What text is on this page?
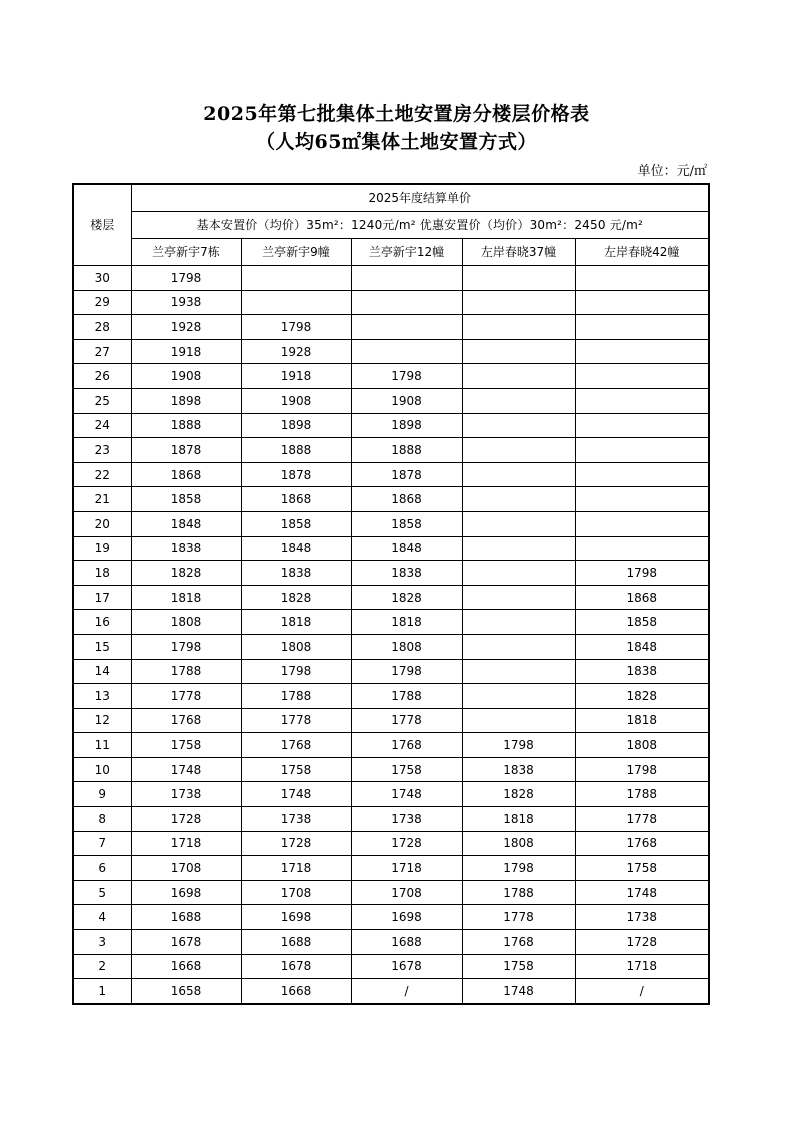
2025年第七批集体土地安置房分楼层价格表
（人均65㎡集体土地安置方式）
单位：元/㎡
楼层	2025年度结算单价				
	基本安置价（均价）35m²：1240元/m² 优惠安置价（均价）30m²：2450 元/m²				
	兰亭新宇7栋	兰亭新宇9幢	兰亭新宇12幢	左岸春晓37幢	左岸春晓42幢
30	1798				
29	1938				
28	1928	1798			
27	1918	1928			
26	1908	1918	1798		
25	1898	1908	1908		
24	1888	1898	1898		
23	1878	1888	1888		
22	1868	1878	1878		
21	1858	1868	1868		
20	1848	1858	1858		
19	1838	1848	1848		
18	1828	1838	1838		1798
17	1818	1828	1828		1868
16	1808	1818	1818		1858
15	1798	1808	1808		1848
14	1788	1798	1798		1838
13	1778	1788	1788		1828
12	1768	1778	1778		1818
11	1758	1768	1768	1798	1808
10	1748	1758	1758	1838	1798
9	1738	1748	1748	1828	1788
8	1728	1738	1738	1818	1778
7	1718	1728	1728	1808	1768
6	1708	1718	1718	1798	1758
5	1698	1708	1708	1788	1748
4	1688	1698	1698	1778	1738
3	1678	1688	1688	1768	1728
2	1668	1678	1678	1758	1718
1	1658	1668	/	1748	/
